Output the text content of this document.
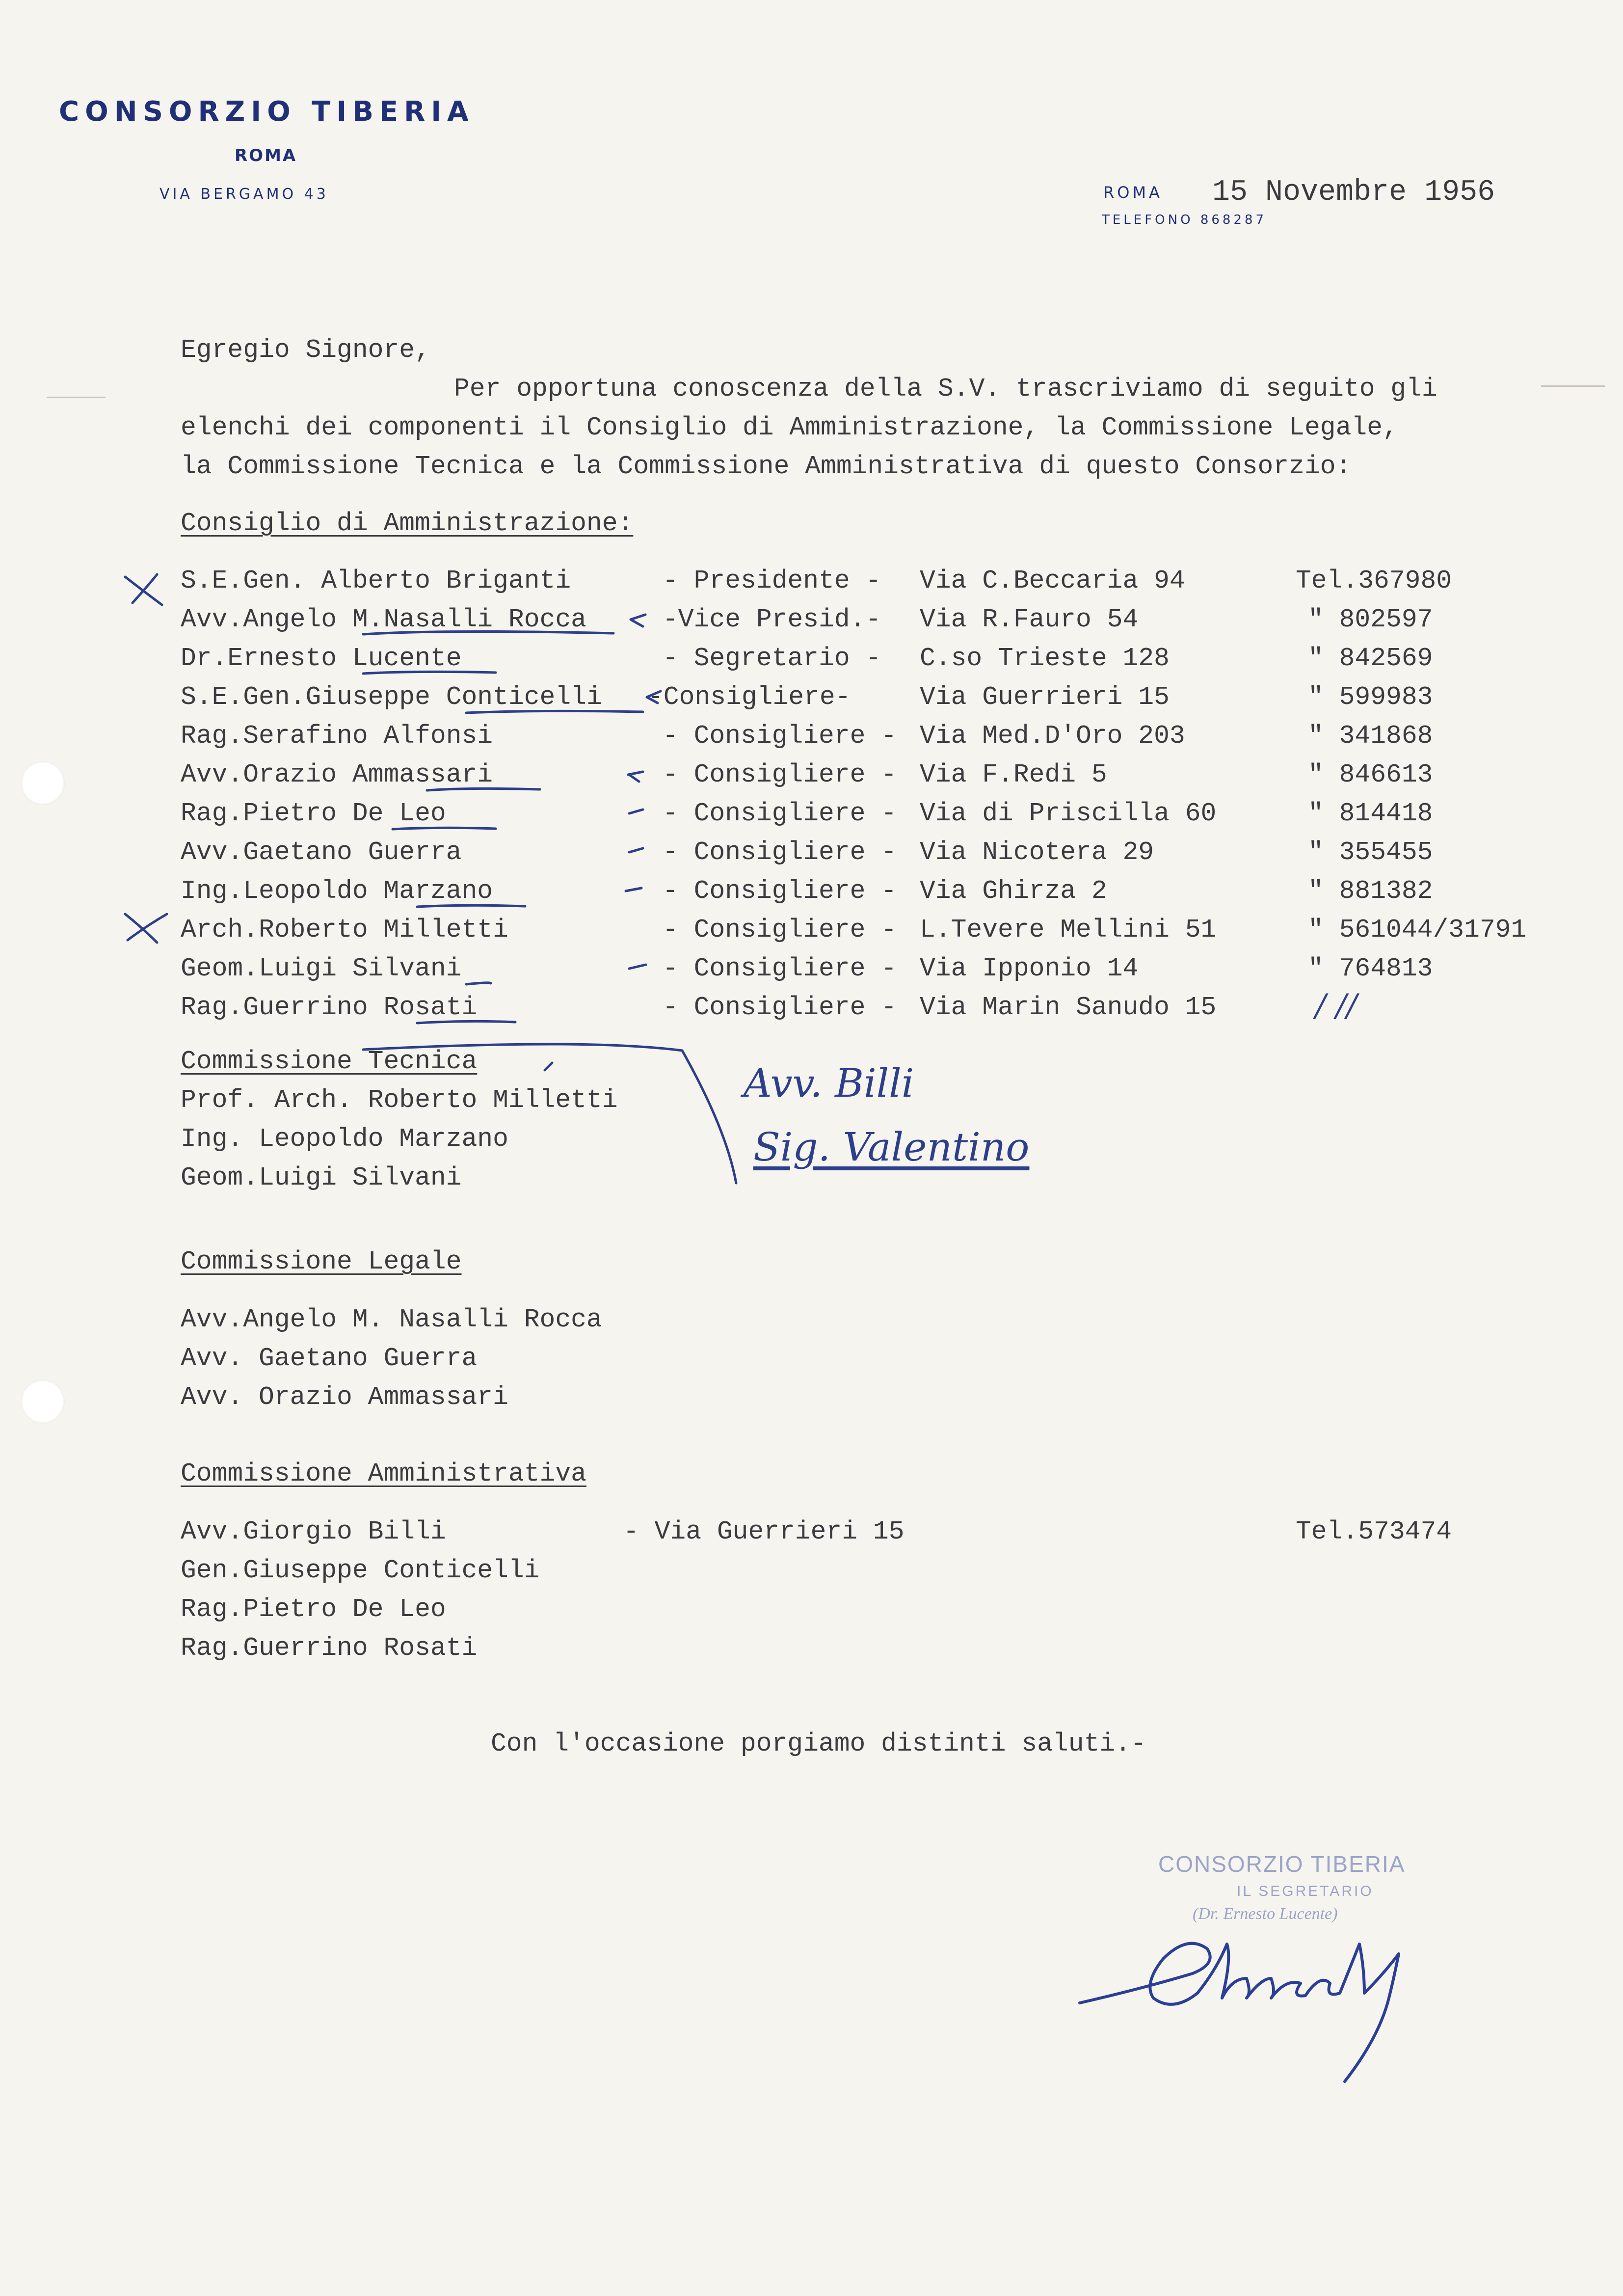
CONSORZIO TIBERIA
ROMA
VIA BERGAMO 43	ROMA
TELEFONO 868287
15 Novembre 1956
Egregio Signore,
Per opportuna conoscenza della S.V. trascriviamo di seguito gli
elenchi dei componenti il Consiglio di Amministrazione, la Commissione Legale,
la Commissione Tecnica e la Commissione Amministrativa di questo Consorzio:
Consiglio di Amministrazione:
S.E.Gen. Alberto Briganti	- Presidente - Via C.Beccaria 94	Tel.367980
Avv.Angelo M.Nasalli Rocca	-Vice Presid.- Via R.Fauro 54	" 802597
Dr.Ernesto Lucente	- Segretario - C.so Trieste 128	" 842569
S.E.Gen.Giuseppe Conticelli -Consigliere-	Via Guerrieri 15	" 599983
Rag.Serafino Alfonsi	- Consigliere - Via Med.D'Oro 203	" 341868
Avv.Orazio Ammassari	- Consigliere - Via F.Redi 5	" 846613
Rag.Pietro De Leo	- Consigliere - Via di Priscilla 60	" 814418
Avv.Gaetano Guerra	- Consigliere - Via Nicotera 29	" 355455
Ing.Leopoldo Marzano	- Consigliere - Via Ghirza 2	" 881382
Arch.Roberto Milletti	- Consigliere - L.Tevere Mellini 51	" 561044/31791
Geom.Luigi Silvani	- Consigliere - Via Ipponio 14	" 764813
Rag.Guerrino Rosati	- Consigliere - Via Marin Sanudo 15	/ //
Commissione Tecnica
Prof. Arch. Roberto Milletti
Ing. Leopoldo Marzano
Geom.Luigi Silvani
Avv. Billi
Sig. Valentino
Commissione Legale
Avv.Angelo M. Nasalli Rocca
Avv. Gaetano Guerra
Avv. Orazio Ammassari
Commissione Amministrativa
Avv.Giorgio Billi	- Via Guerrieri 15	Tel.573474
Gen.Giuseppe Conticelli
Rag.Pietro De Leo
Rag.Guerrino Rosati
Con l'occasione porgiamo distinti saluti.-
CONSORZIO TIBERIA
IL SEGRETARIO
(Dr. Ernesto Lucente)
